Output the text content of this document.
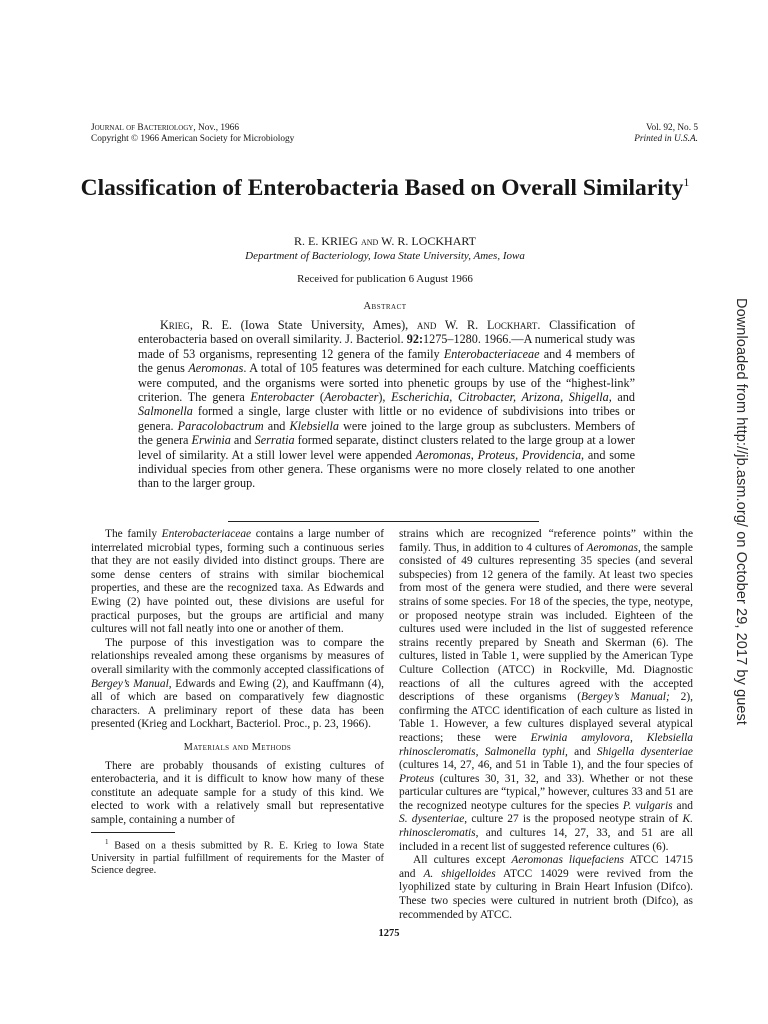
Journal of Bacteriology, Nov., 1966
Copyright © 1966 American Society for Microbiology
Vol. 92, No. 5
Printed in U.S.A.
Classification of Enterobacteria Based on Overall Similarity$^1$
R. E. KRIEG and W. R. LOCKHART
Department of Bacteriology, Iowa State University, Ames, Iowa
Received for publication 6 August 1966
Abstract

Krieg, R. E. (Iowa State University, Ames), and W. R. Lockhart. Classification of enterobacteria based on overall similarity. J. Bacteriol. 92:1275–1280. 1966.—A numerical study was made of 53 organisms, representing 12 genera of the family Enterobacteriaceae and 4 members of the genus Aeromonas. A total of 105 features was determined for each culture. Matching coefficients were computed, and the organisms were sorted into phenetic groups by use of the “highest-link” criterion. The genera Enterobacter (Aerobacter), Escherichia, Citrobacter, Arizona, Shigella, and Salmonella formed a single, large cluster with little or no evidence of subdivisions into tribes or genera. Paracolobactrum and Klebsiella were joined to the large group as subclusters. Members of the genera Erwinia and Serratia formed separate, distinct clusters related to the large group at a lower level of similarity. At a still lower level were appended Aeromonas, Proteus, Providencia, and some individual species from other genera. These organisms were no more closely related to one another than to the larger group.

The family Enterobacteriaceae contains a large number of interrelated microbial types, forming such a continuous series that they are not easily divided into distinct groups. There are some dense centers of strains with similar biochemical properties, and these are the recognized taxa. As Edwards and Ewing (2) have pointed out, these divisions are useful for practical purposes, but the groups are artificial and many cultures will not fall neatly into one or another of them.

The purpose of this investigation was to compare the relationships revealed among these organisms by measures of overall similarity with the commonly accepted classifications of Bergey’s Manual, Edwards and Ewing (2), and Kauffmann (4), all of which are based on comparatively few diagnostic characters. A preliminary report of these data has been presented (Krieg and Lockhart, Bacteriol. Proc., p. 23, 1966).

Materials and Methods

There are probably thousands of existing cultures of enterobacteria, and it is difficult to know how many of these constitute an adequate sample for a study of this kind. We elected to work with a relatively small but representative sample, containing a number of

$^1$ Based on a thesis submitted by R. E. Krieg to Iowa State University in partial fulfillment of requirements for the Master of Science degree.

strains which are recognized “reference points” within the family. Thus, in addition to 4 cultures of Aeromonas, the sample consisted of 49 cultures representing 35 species (and several subspecies) from 12 genera of the family. At least two species from most of the genera were studied, and there were several strains of some species. For 18 of the species, the type, neotype, or proposed neotype strain was included. Eighteen of the cultures used were included in the list of suggested reference strains recently prepared by Sneath and Skerman (6). The cultures, listed in Table 1, were supplied by the American Type Culture Collection (ATCC) in Rockville, Md. Diagnostic reactions of all the cultures agreed with the accepted descriptions of these organisms (Bergey’s Manual; 2), confirming the ATCC identification of each culture as listed in Table 1. However, a few cultures displayed several atypical reactions; these were Erwinia amylovora, Klebsiella rhinoscleromatis, Salmonella typhi, and Shigella dysenteriae (cultures 14, 27, 46, and 51 in Table 1), and the four species of Proteus (cultures 30, 31, 32, and 33). Whether or not these particular cultures are “typical,” however, cultures 33 and 51 are the recognized neotype cultures for the species P. vulgaris and S. dysenteriae, culture 27 is the proposed neotype strain of K. rhinoscleromatis, and cultures 14, 27, 33, and 51 are all included in a recent list of suggested reference cultures (6).

All cultures except Aeromonas liquefaciens ATCC 14715 and A. shigelloides ATCC 14029 were revived from the lyophilized state by culturing in Brain Heart Infusion (Difco). These two species were cultured in nutrient broth (Difco), as recommended by ATCC.

1275
Downloaded from http://jb.asm.org/ on October 29, 2017 by guest
